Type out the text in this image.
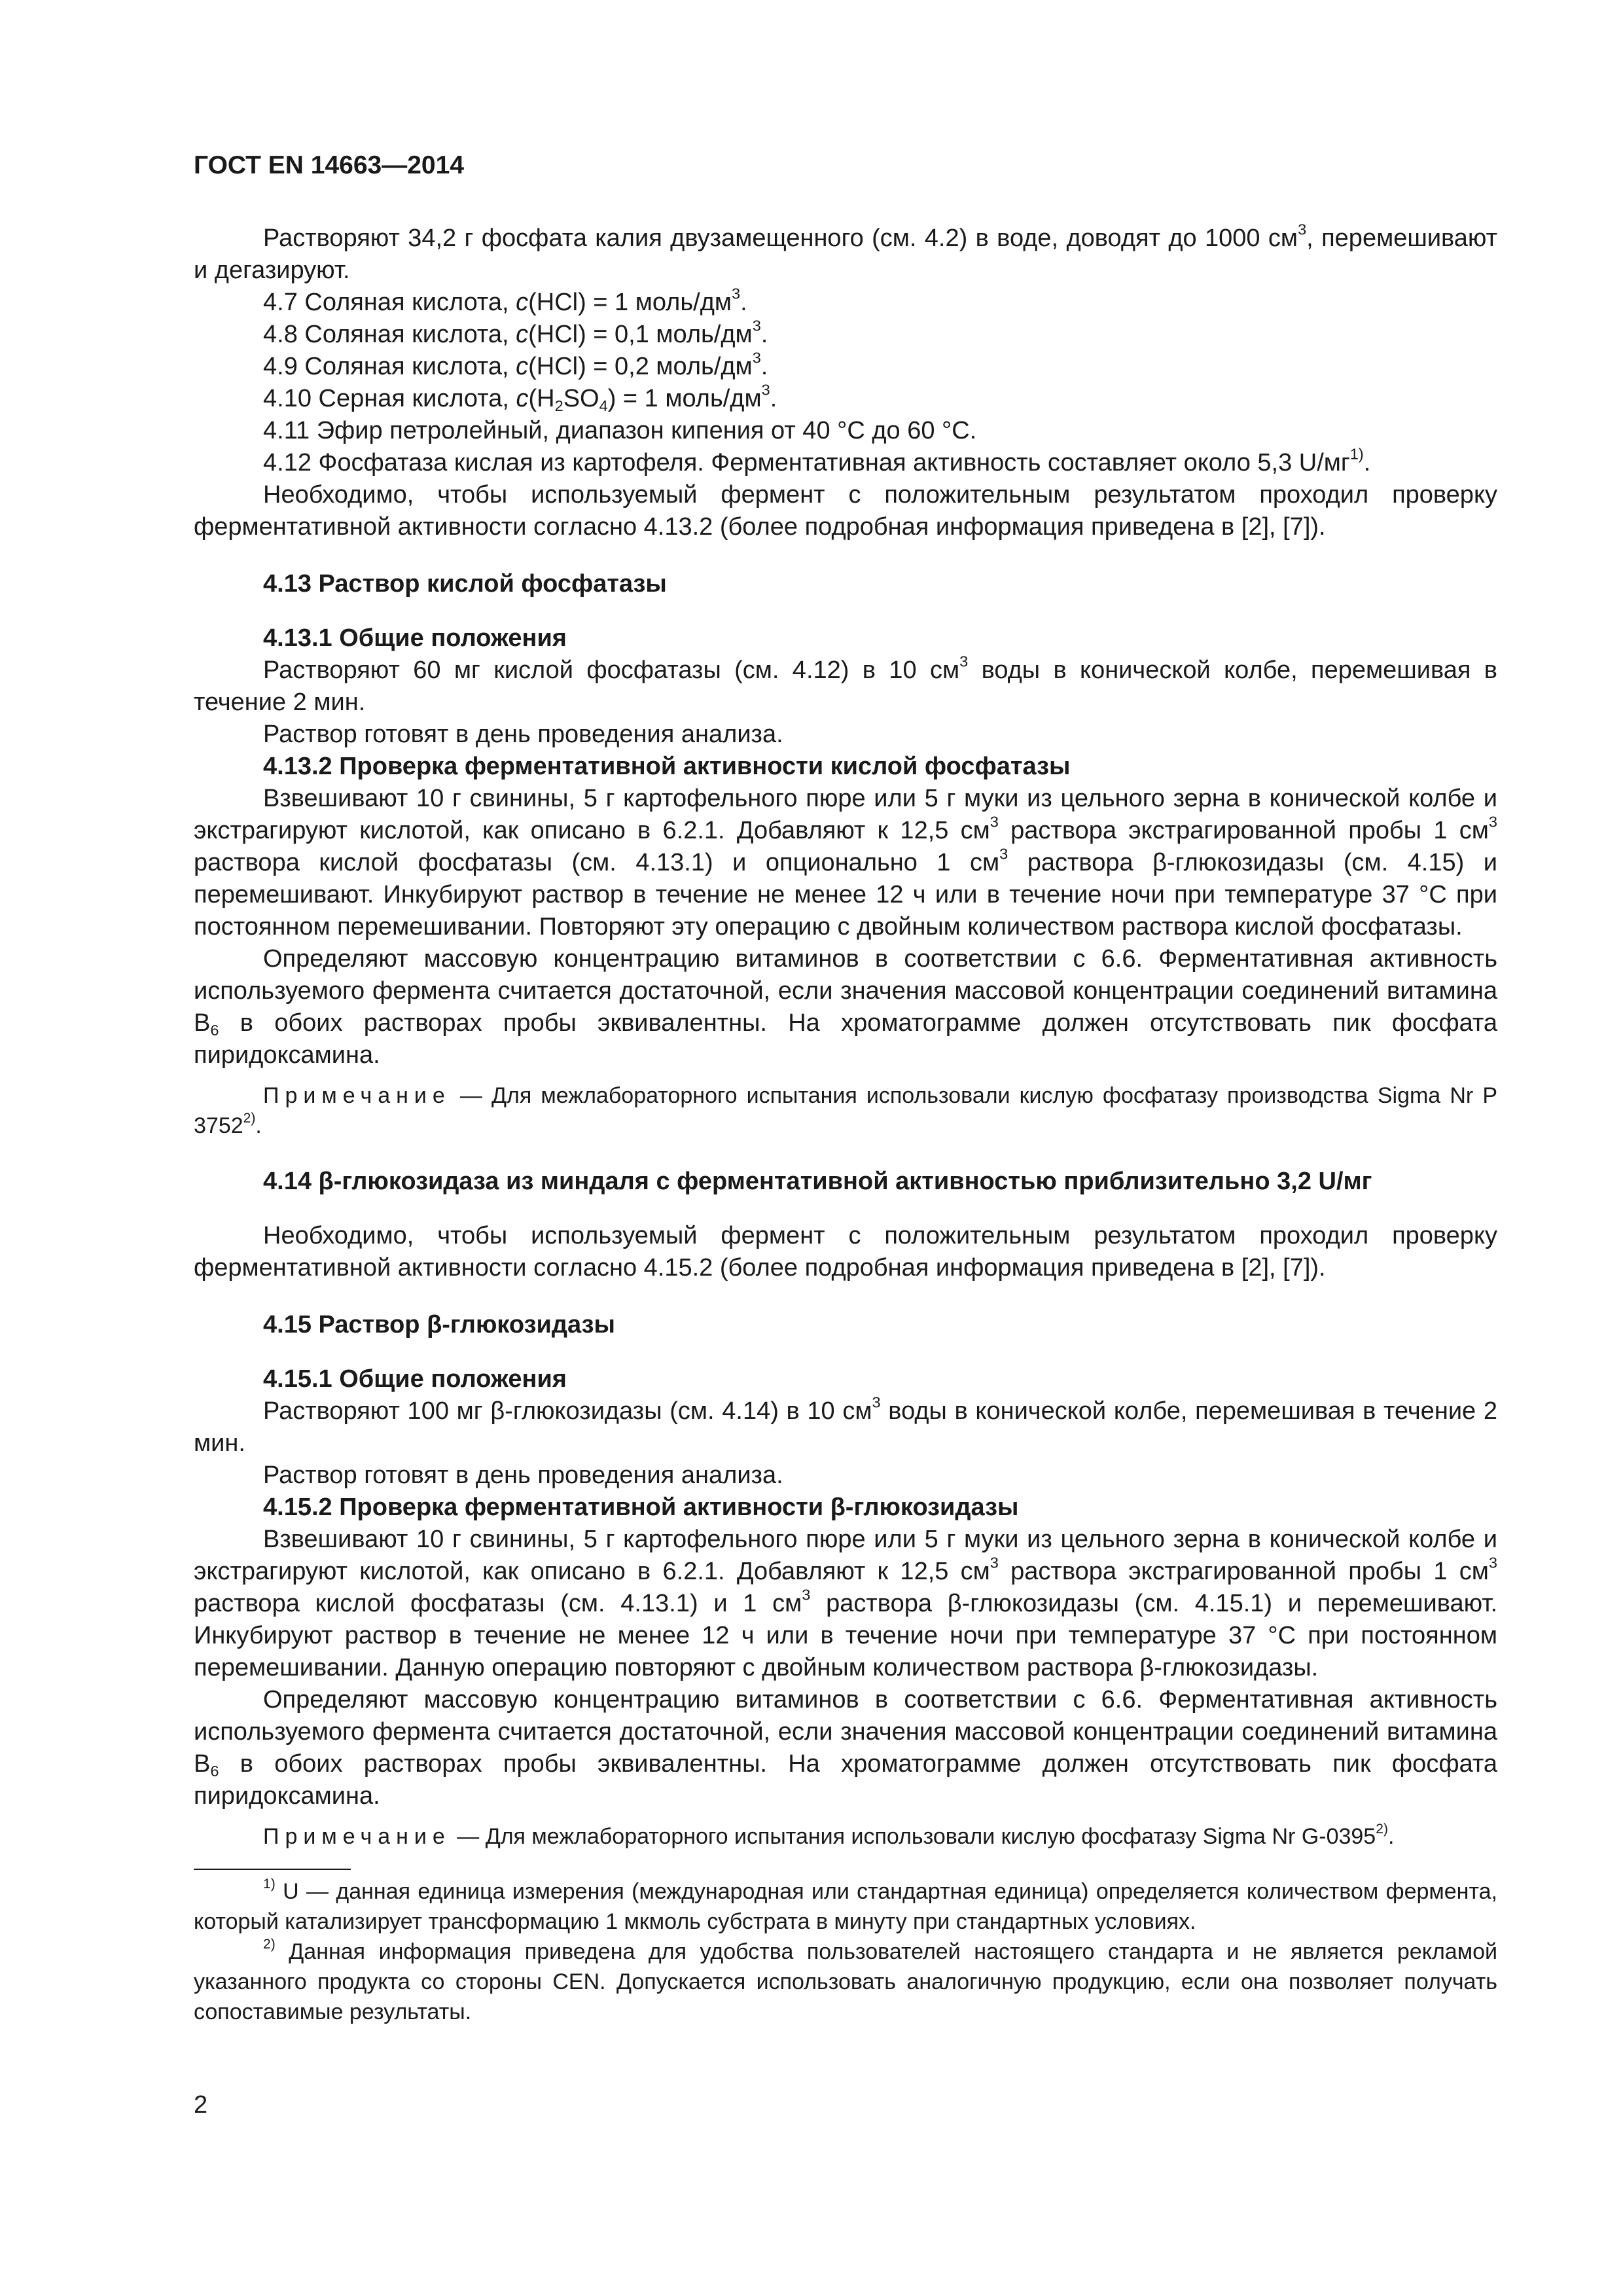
ГОСТ EN 14663—2014

Растворяют 34,2 г фосфата калия двузамещенного (см. 4.2) в воде, доводят до 1000 $см^3$, перемешивают и дегазируют.

4.7 Соляная кислота, c(HCl) = 1 моль/$дм^3$.

4.8 Соляная кислота, c(HCl) = 0,1 моль/$дм^3$.

4.9 Соляная кислота, c(HCl) = 0,2 моль/$дм^3$.

4.10 Серная кислота, $c(H_2SO_4) = 1$ моль/$дм^3$.

4.11 Эфир петролейный, диапазон кипения от 40 °С до 60 °С.

4.12 Фосфатаза кислая из картофеля. Ферментативная активность составляет около 5,3 $U/мг^{1)}$.

Необходимо, чтобы используемый фермент с положительным результатом проходил проверку ферментативной активности согласно 4.13.2 (более подробная информация приведена в [2], [7]).

4.13 Раствор кислой фосфатазы

4.13.1 Общие положения

Растворяют 60 мг кислой фосфатазы (см. 4.12) в 10 $см^3$ воды в конической колбе, перемешивая в течение 2 мин.

Раствор готовят в день проведения анализа.

4.13.2 Проверка ферментативной активности кислой фосфатазы

Взвешивают 10 г свинины, 5 г картофельного пюре или 5 г муки из цельного зерна в конической колбе и экстрагируют кислотой, как описано в 6.2.1. Добавляют к 12,5 $см^3$ раствора экстрагированной пробы 1 $см^3$ раствора кислой фосфатазы (см. 4.13.1) и опционально 1 $см^3$ раствора β-глюкозидазы (см. 4.15) и перемешивают. Инкубируют раствор в течение не менее 12 ч или в течение ночи при температуре 37 °С при постоянном перемешивании. Повторяют эту операцию с двойным количеством раствора кислой фосфатазы.

Определяют массовую концентрацию витаминов в соответствии с 6.6. Ферментативная активность используемого фермента считается достаточной, если значения массовой концентрации соединений витамина $B_6$ в обоих растворах пробы эквивалентны. На хроматограмме должен отсутствовать пик фосфата пиридоксамина.

Примечание — Для межлабораторного испытания использовали кислую фосфатазу производства Sigma Nr P 3752$^{2)}$.

4.14 β-глюкозидаза из миндаля с ферментативной активностью приблизительно 3,2 U/мг

Необходимо, чтобы используемый фермент с положительным результатом проходил проверку ферментативной активности согласно 4.15.2 (более подробная информация приведена в [2], [7]).

4.15 Раствор β-глюкозидазы

4.15.1 Общие положения

Растворяют 100 мг β-глюкозидазы (см. 4.14) в 10 $см^3$ воды в конической колбе, перемешивая в течение 2 мин.

Раствор готовят в день проведения анализа.

4.15.2 Проверка ферментативной активности β-глюкозидазы

Взвешивают 10 г свинины, 5 г картофельного пюре или 5 г муки из цельного зерна в конической колбе и экстрагируют кислотой, как описано в 6.2.1. Добавляют к 12,5 $см^3$ раствора экстрагированной пробы 1 $см^3$ раствора кислой фосфатазы (см. 4.13.1) и 1 $см^3$ раствора β-глюкозидазы (см. 4.15.1) и перемешивают. Инкубируют раствор в течение не менее 12 ч или в течение ночи при температуре 37 °С при постоянном перемешивании. Данную операцию повторяют с двойным количеством раствора β-глюкозидазы.

Определяют массовую концентрацию витаминов в соответствии с 6.6. Ферментативная активность используемого фермента считается достаточной, если значения массовой концентрации соединений витамина $B_6$ в обоих растворах пробы эквивалентны. На хроматограмме должен отсутствовать пик фосфата пиридоксамина.

Примечание — Для межлабораторного испытания использовали кислую фосфатазу Sigma Nr G-0395$^{2)}$.

$^{1)}$ U — данная единица измерения (международная или стандартная единица) определяется количеством фермента, который катализирует трансформацию 1 мкмоль субстрата в минуту при стандартных условиях.

$^{2)}$ Данная информация приведена для удобства пользователей настоящего стандарта и не является рекламой указанного продукта со стороны CEN. Допускается использовать аналогичную продукцию, если она позволяет получать сопоставимые результаты.

2
